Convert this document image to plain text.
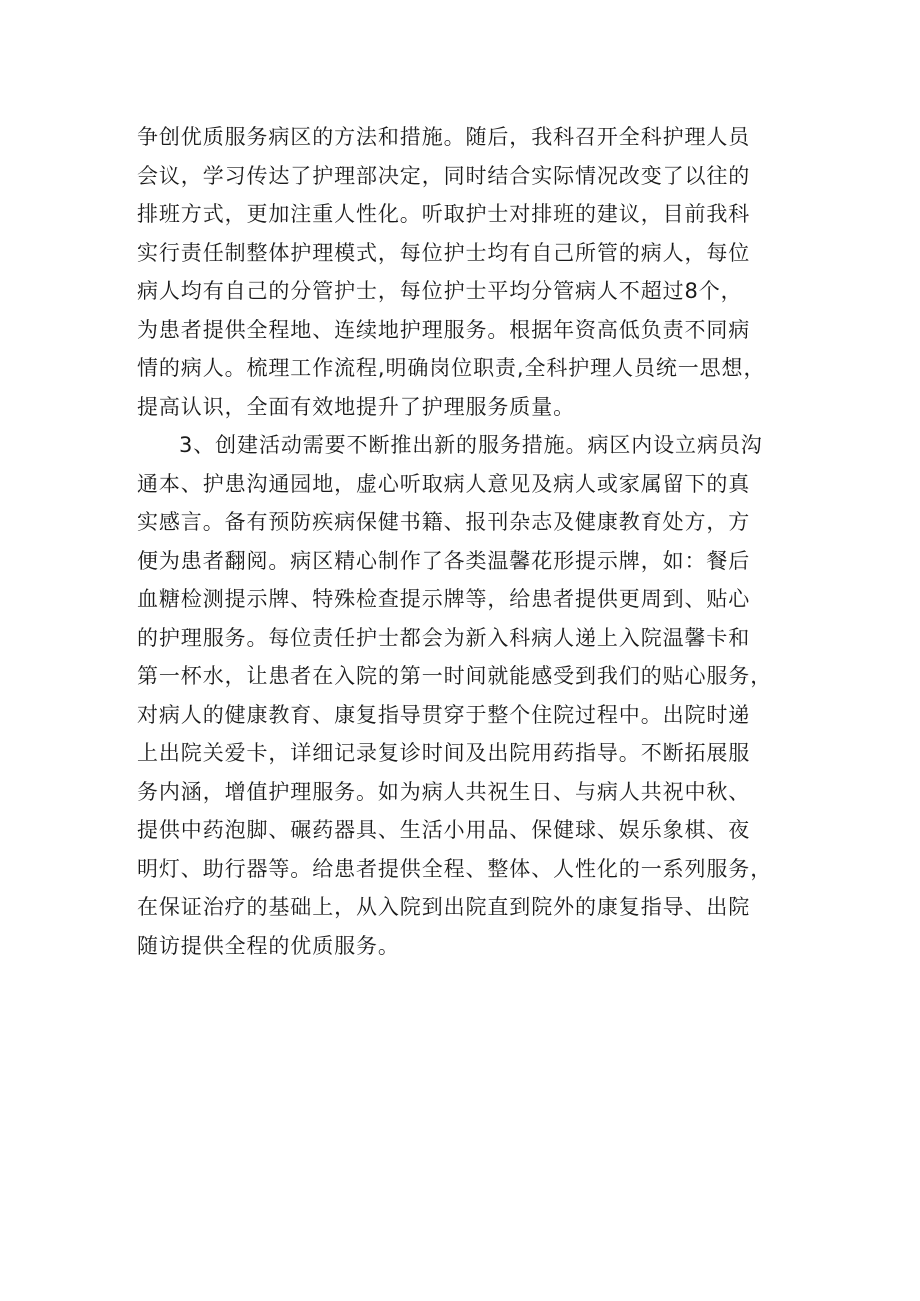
争创优质服务病区的方法和措施。随后，我科召开全科护理人员
会议，学习传达了护理部决定，同时结合实际情况改变了以往的
排班方式，更加注重人性化。听取护士对排班的建议，目前我科
实行责任制整体护理模式，每位护士均有自己所管的病人，每位
病人均有自己的分管护士，每位护士平均分管病人不超过8个，
为患者提供全程地、连续地护理服务。根据年资高低负责不同病
情的病人。梳理工作流程,明确岗位职责,全科护理人员统一思想，
提高认识，全面有效地提升了护理服务质量。
3、创建活动需要不断推出新的服务措施。病区内设立病员沟
通本、护患沟通园地，虚心听取病人意见及病人或家属留下的真
实感言。备有预防疾病保健书籍、报刊杂志及健康教育处方，方
便为患者翻阅。病区精心制作了各类温馨花形提示牌，如：餐后
血糖检测提示牌、特殊检查提示牌等，给患者提供更周到、贴心
的护理服务。每位责任护士都会为新入科病人递上入院温馨卡和
第一杯水，让患者在入院的第一时间就能感受到我们的贴心服务，
对病人的健康教育、康复指导贯穿于整个住院过程中。出院时递
上出院关爱卡，详细记录复诊时间及出院用药指导。不断拓展服
务内涵，增值护理服务。如为病人共祝生日、与病人共祝中秋、
提供中药泡脚、碾药器具、生活小用品、保健球、娱乐象棋、夜
明灯、助行器等。给患者提供全程、整体、人性化的一系列服务，
在保证治疗的基础上，从入院到出院直到院外的康复指导、出院
随访提供全程的优质服务。
